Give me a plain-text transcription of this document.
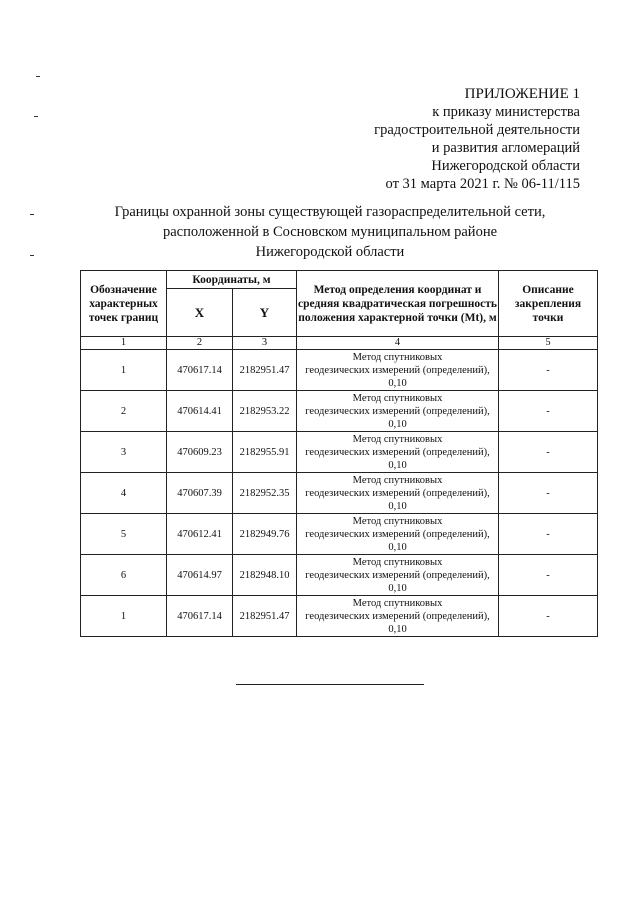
ПРИЛОЖЕНИЕ 1
к приказу министерства
градостроительной деятельности
и развития агломераций
Нижегородской области
от 31 марта 2021 г. № 06-11/115
Границы охранной зоны существующей газораспределительной сети,
расположенной в Сосновском муниципальном районе
Нижегородской области
Обозначение характерных точек границ	Координаты, м		Метод определения координат и средняя квадратическая погрешность положения характерной точки (Mt), м	Описание закрепления точки
	X	Y		
1	2	3	4	5
1	470617.14	2182951.47	Метод спутниковых
геодезических измерений (определений),
0,10	-
2	470614.41	2182953.22	Метод спутниковых
геодезических измерений (определений),
0,10	-
3	470609.23	2182955.91	Метод спутниковых
геодезических измерений (определений),
0,10	-
4	470607.39	2182952.35	Метод спутниковых
геодезических измерений (определений),
0,10	-
5	470612.41	2182949.76	Метод спутниковых
геодезических измерений (определений),
0,10	-
6	470614.97	2182948.10	Метод спутниковых
геодезических измерений (определений),
0,10	-
1	470617.14	2182951.47	Метод спутниковых
геодезических измерений (определений),
0,10	-
